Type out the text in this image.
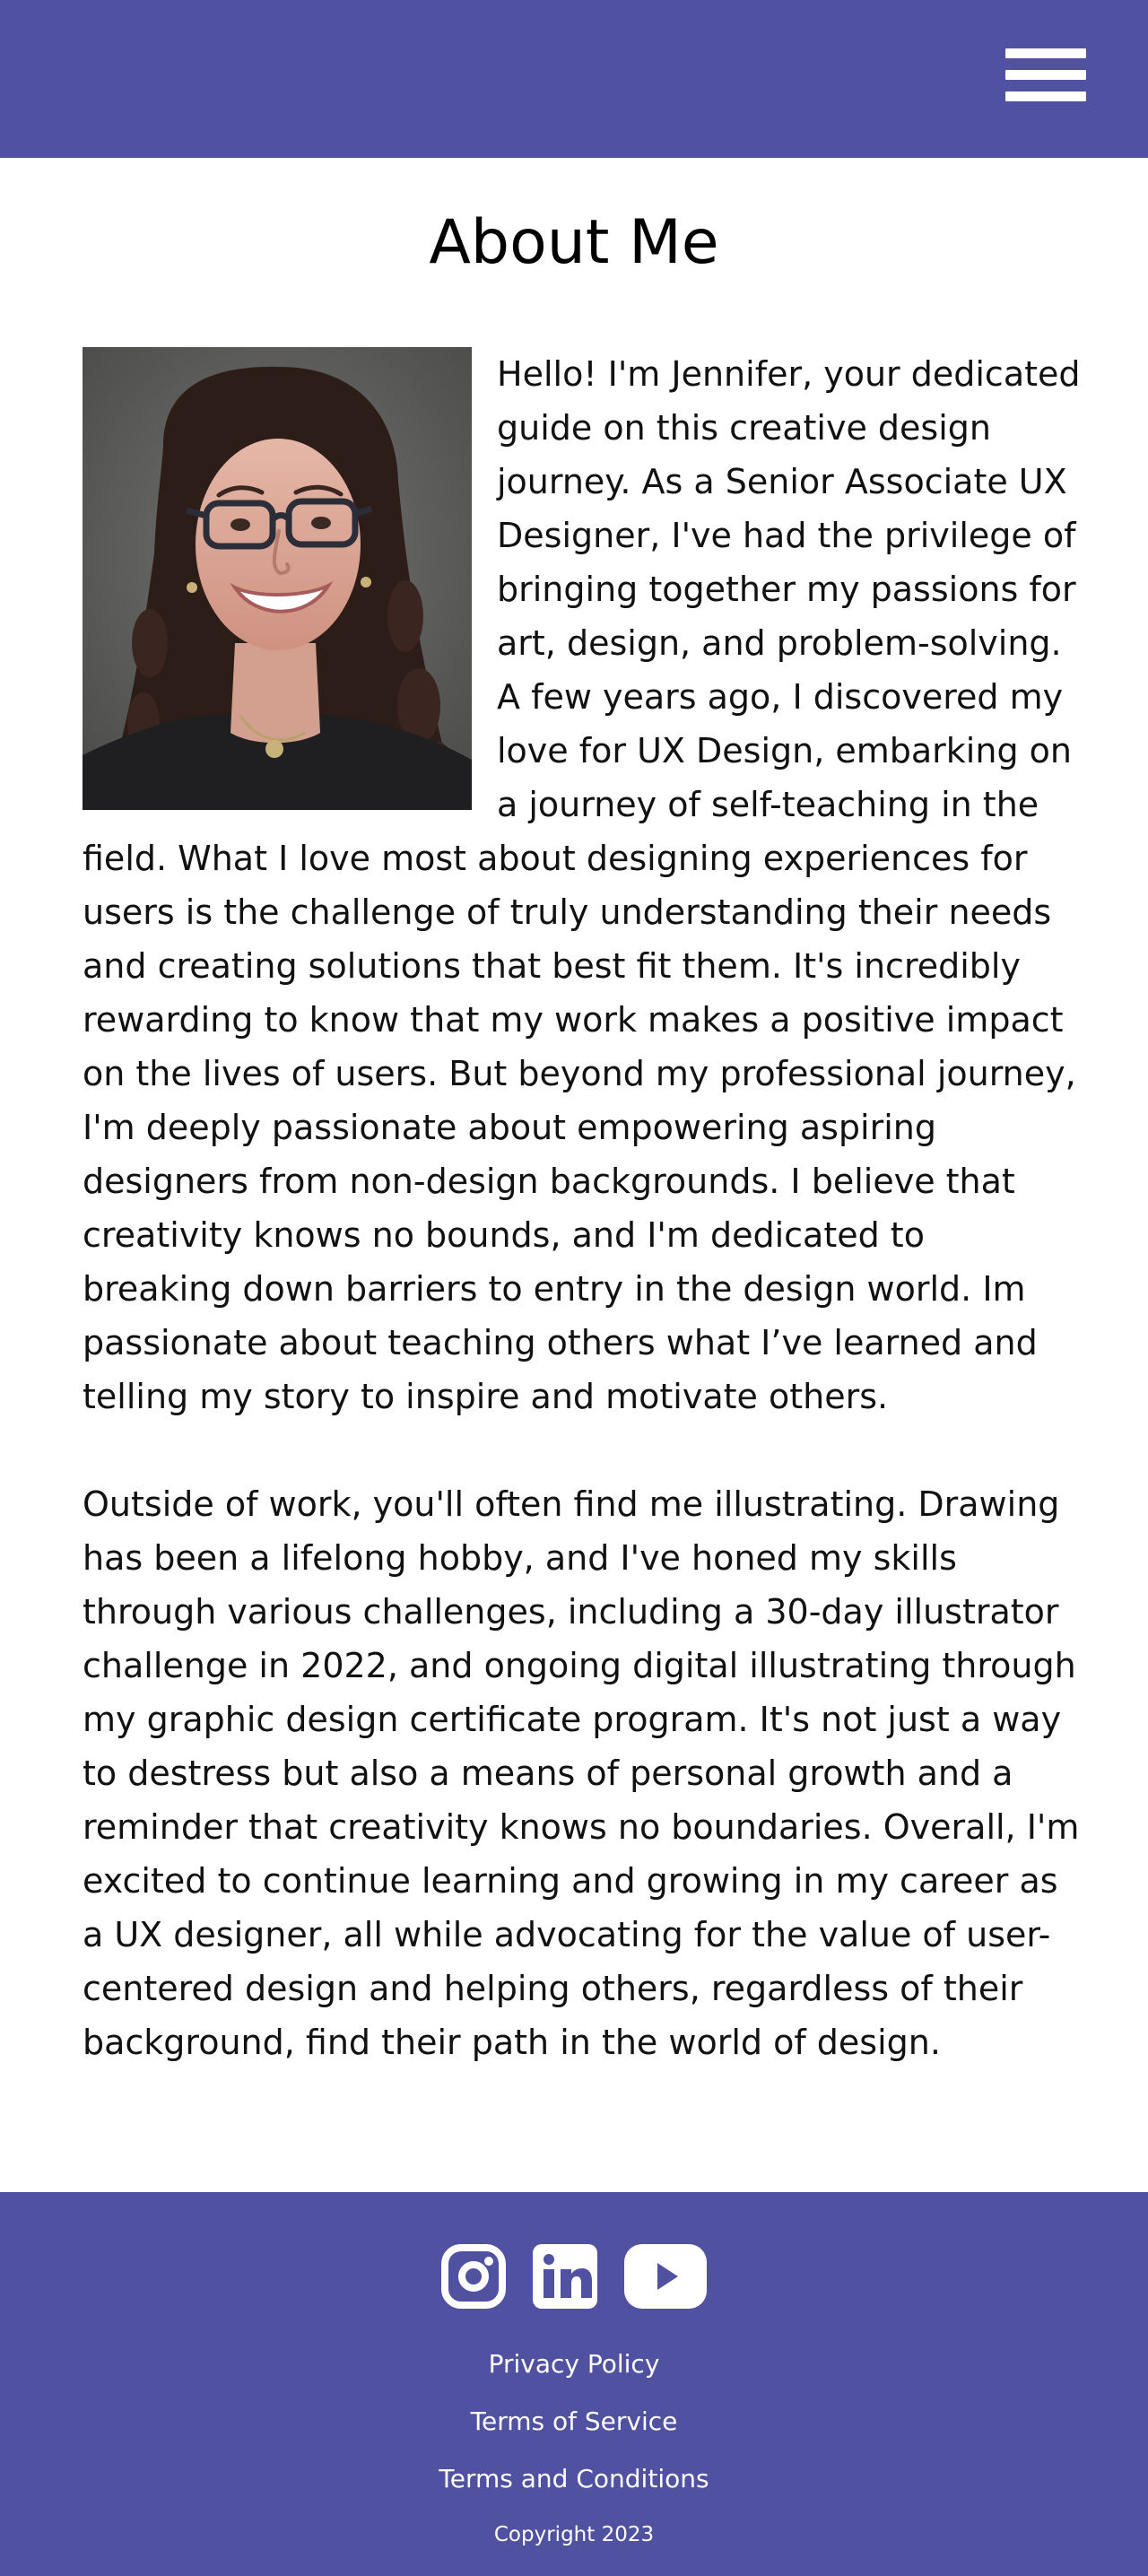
About Me

Hello! I'm Jennifer, your dedicated guide on this creative design journey. As a Senior Associate UX Designer, I've had the privilege of bringing together my passions for art, design, and problem-solving. A few years ago, I discovered my love for UX Design, embarking on a journey of self-teaching in the field. What I love most about designing experiences for users is the challenge of truly understanding their needs and creating solutions that best fit them. It's incredibly rewarding to know that my work makes a positive impact on the lives of users. But beyond my professional journey, I'm deeply passionate about empowering aspiring designers from non-design backgrounds. I believe that creativity knows no bounds, and I'm dedicated to breaking down barriers to entry in the design world. Im passionate about teaching others what I’ve learned and telling my story to inspire and motivate others.

Outside of work, you'll often find me illustrating. Drawing has been a lifelong hobby, and I've honed my skills through various challenges, including a 30-day illustrator challenge in 2022, and ongoing digital illustrating through my graphic design certificate program. It's not just a way to destress but also a means of personal growth and a reminder that creativity knows no boundaries. Overall, I'm excited to continue learning and growing in my career as a UX designer, all while advocating for the value of user-centered design and helping others, regardless of their background, find their path in the world of design.

Privacy Policy
Terms of Service
Terms and Conditions
Copyright 2023
